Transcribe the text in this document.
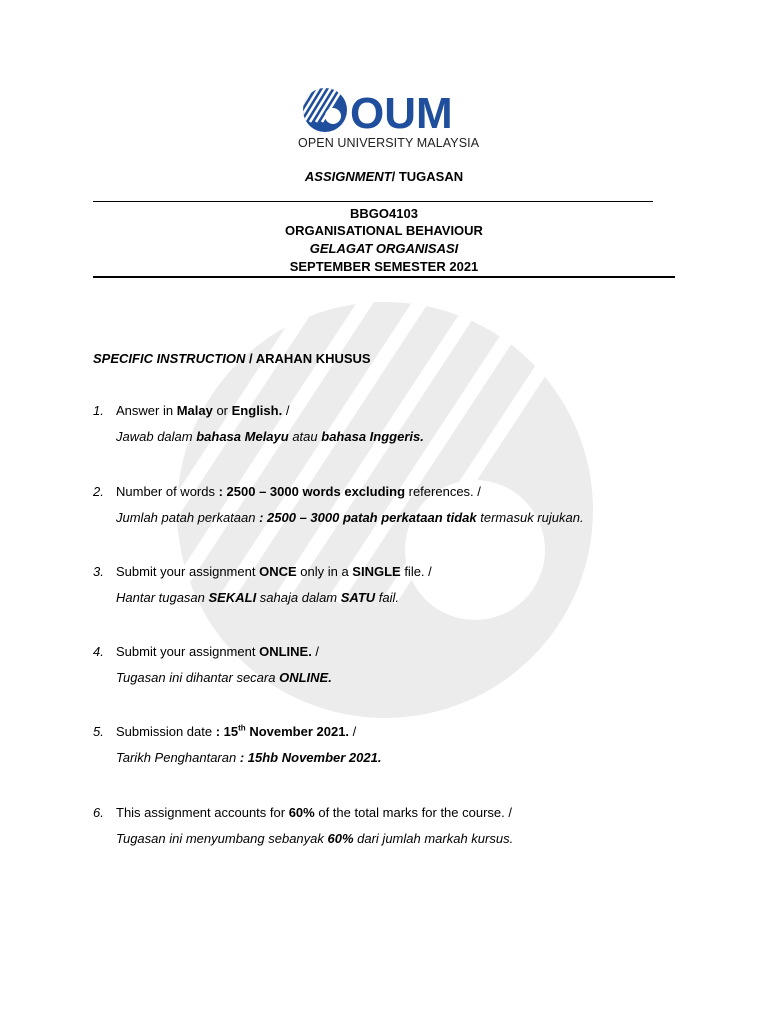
OUM
OPEN UNIVERSITY MALAYSIA
ASSIGNMENT/ TUGASAN
BBGO4103
ORGANISATIONAL BEHAVIOUR
GELAGAT ORGANISASI
SEPTEMBER SEMESTER 2021
SPECIFIC INSTRUCTION / ARAHAN KHUSUS
1. Answer in Malay or English. /
Jawab dalam bahasa Melayu atau bahasa Inggeris.
2. Number of words : 2500 – 3000 words excluding references. /
Jumlah patah perkataan : 2500 – 3000 patah perkataan tidak termasuk rujukan.
3. Submit your assignment ONCE only in a SINGLE file. /
Hantar tugasan SEKALI sahaja dalam SATU fail.
4. Submit your assignment ONLINE. /
Tugasan ini dihantar secara ONLINE.
5. Submission date : 15th November 2021. /
Tarikh Penghantaran : 15hb November 2021.
6. This assignment accounts for 60% of the total marks for the course. /
Tugasan ini menyumbang sebanyak 60% dari jumlah markah kursus.
